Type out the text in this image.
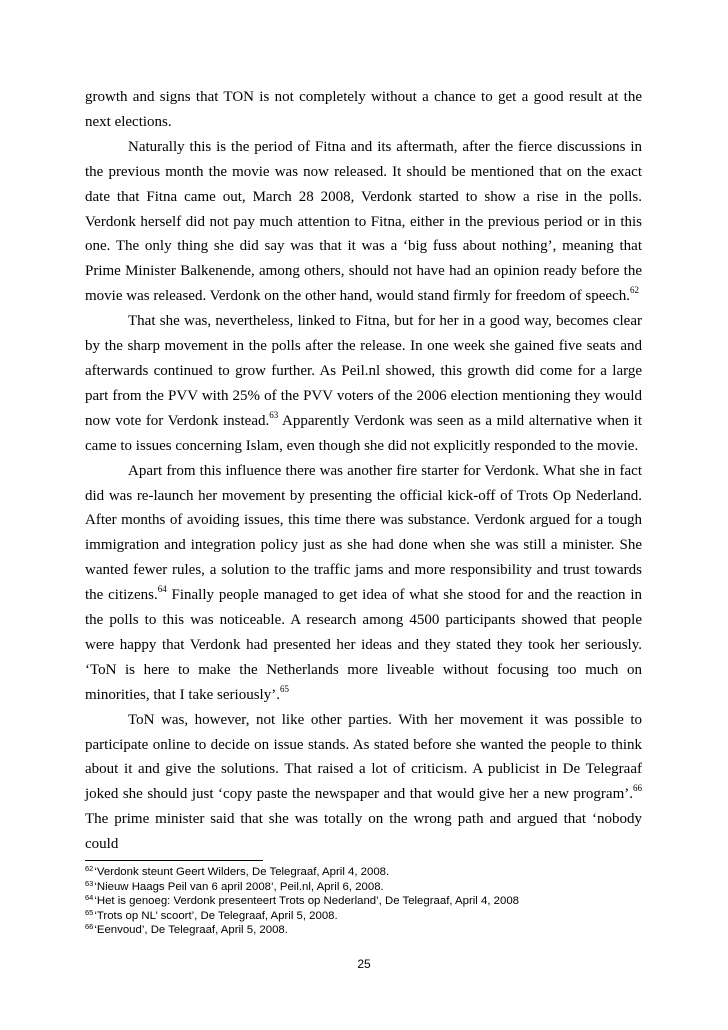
growth and signs that TON is not completely without a chance to get a good result at the next elections.

Naturally this is the period of Fitna and its aftermath, after the fierce discussions in the previous month the movie was now released. It should be mentioned that on the exact date that Fitna came out, March 28 2008, Verdonk started to show a rise in the polls. Verdonk herself did not pay much attention to Fitna, either in the previous period or in this one. The only thing she did say was that it was a ‘big fuss about nothing’, meaning that Prime Minister Balkenende, among others, should not have had an opinion ready before the movie was released. Verdonk on the other hand, would stand firmly for freedom of speech.$^{62}$

That she was, nevertheless, linked to Fitna, but for her in a good way, becomes clear by the sharp movement in the polls after the release. In one week she gained five seats and afterwards continued to grow further. As Peil.nl showed, this growth did come for a large part from the PVV with 25% of the PVV voters of the 2006 election mentioning they would now vote for Verdonk instead.$^{63}$ Apparently Verdonk was seen as a mild alternative when it came to issues concerning Islam, even though she did not explicitly responded to the movie.

Apart from this influence there was another fire starter for Verdonk. What she in fact did was re-launch her movement by presenting the official kick-off of Trots Op Nederland. After months of avoiding issues, this time there was substance. Verdonk argued for a tough immigration and integration policy just as she had done when she was still a minister. She wanted fewer rules, a solution to the traffic jams and more responsibility and trust towards the citizens.$^{64}$ Finally people managed to get idea of what she stood for and the reaction in the polls to this was noticeable. A research among 4500 participants showed that people were happy that Verdonk had presented her ideas and they stated they took her seriously. ‘ToN is here to make the Netherlands more liveable without focusing too much on minorities, that I take seriously’.$^{65}$

ToN was, however, not like other parties. With her movement it was possible to participate online to decide on issue stands. As stated before she wanted the people to think about it and give the solutions. That raised a lot of criticism. A publicist in De Telegraaf joked she should just ‘copy paste the newspaper and that would give her a new program’.$^{66}$ The prime minister said that she was totally on the wrong path and argued that ‘nobody could

$^{62}$‘Verdonk steunt Geert Wilders, De Telegraaf, April 4, 2008.
$^{63}$‘Nieuw Haags Peil van 6 april 2008’, Peil.nl, April 6, 2008.
$^{64}$‘Het is genoeg: Verdonk presenteert Trots op Nederland’, De Telegraaf, April 4, 2008
$^{65}$‘Trots op NL’ scoort’, De Telegraaf, April 5, 2008.
$^{66}$‘Eenvoud’, De Telegraaf, April 5, 2008.
25
